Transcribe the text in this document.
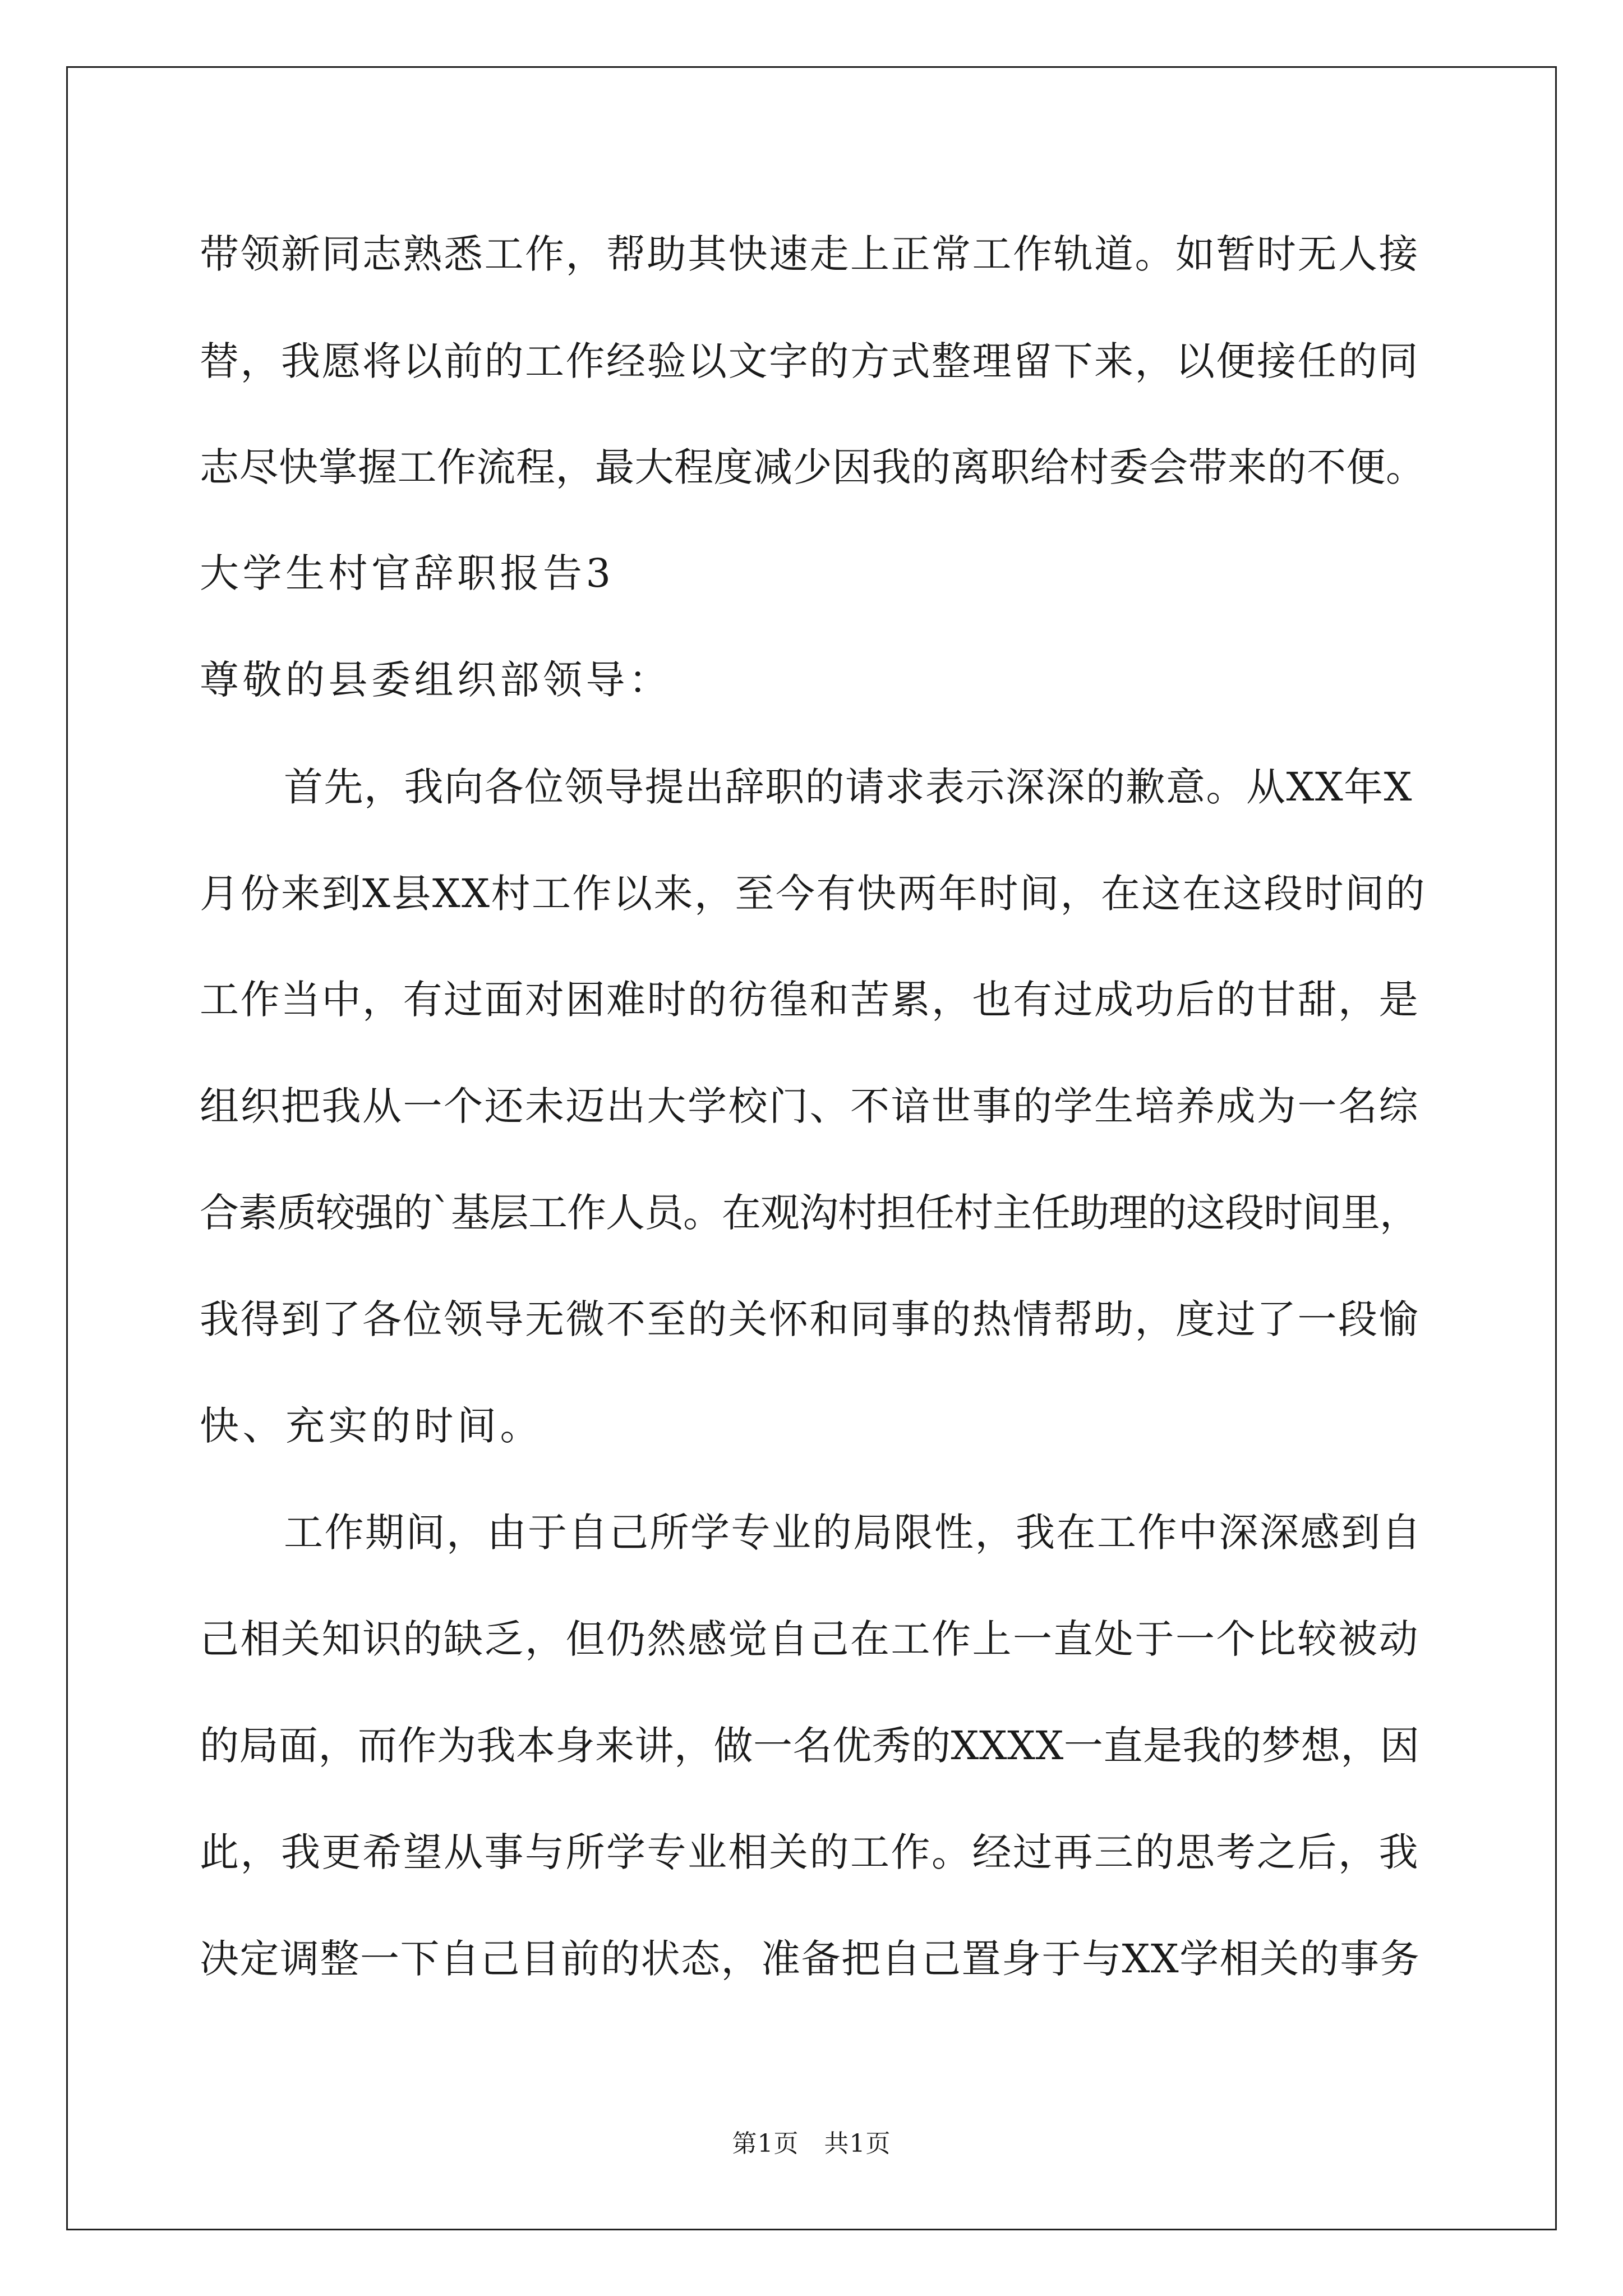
带领新同志熟悉工作，帮助其快速走上正常工作轨道。如暂时无人接
替，我愿将以前的工作经验以文字的方式整理留下来，以便接任的同
志尽快掌握工作流程，最大程度减少因我的离职给村委会带来的不便。
大学生村官辞职报告3
尊敬的县委组织部领导：
首先，我向各位领导提出辞职的请求表示深深的歉意。从XX年X
月份来到X县XX村工作以来，至今有快两年时间，在这在这段时间的
工作当中，有过面对困难时的彷徨和苦累，也有过成功后的甘甜，是
组织把我从一个还未迈出大学校门、不谙世事的学生培养成为一名综
合素质较强的`基层工作人员。在观沟村担任村主任助理的这段时间里，
我得到了各位领导无微不至的关怀和同事的热情帮助，度过了一段愉
快、充实的时间。
工作期间，由于自己所学专业的局限性，我在工作中深深感到自
己相关知识的缺乏，但仍然感觉自己在工作上一直处于一个比较被动
的局面，而作为我本身来讲，做一名优秀的XXXX一直是我的梦想，因
此，我更希望从事与所学专业相关的工作。经过再三的思考之后，我
决定调整一下自己目前的状态，准备把自己置身于与XX学相关的事务
第1页　共1页
